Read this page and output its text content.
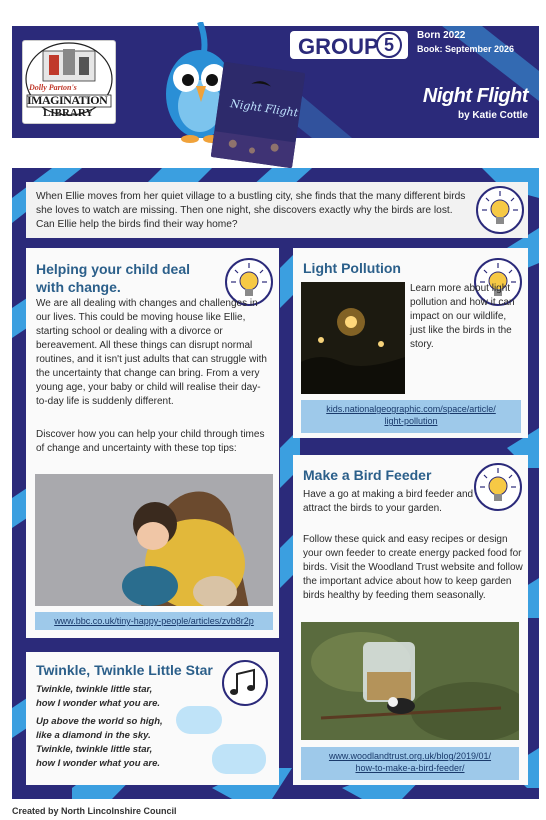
Dolly Parton's
IMAGINATION
LIBRARY	Night Flight
GROUP 5	Born 2022
Book: September 2026
Night Flight
by Katie Cottle
When Ellie moves from her quiet village to a bustling city, she finds that the many different birds she loves to watch are missing. Then one night, she discovers exactly why the birds are lost. Can Ellie help the birds find their way home?
Helping your child deal
with change.
We are all dealing with changes and challenges in our lives. This could be moving house like Ellie, starting school or dealing with a divorce or bereavement. All these things can disrupt normal routines, and it isn't just adults that can struggle with the uncertainty that change can bring. From a very young age, your baby or child will realise their day-to-day life is suddenly different.
Discover how you can help your child through times of change and uncertainty with these top tips:
www.bbc.co.uk/tiny-happy-people/articles/zvb8r2p
Light Pollution
Learn more about light pollution and how it can impact on our wildlife, just like the birds in the story.
kids.nationalgeographic.com/space/article/
light-pollution
Make a Bird Feeder
Have a go at making a bird feeder and attract the birds to your garden.
Follow these quick and easy recipes or design your own feeder to create energy packed food for birds. Visit the Woodland Trust website and follow the important advice about how to keep garden birds healthy by feeding them seasonally.
www.woodlandtrust.org.uk/blog/2019/01/
how-to-make-a-bird-feeder/
Twinkle, Twinkle Little Star
Twinkle, twinkle little star,
how I wonder what you are.
Up above the world so high,
like a diamond in the sky.
Twinkle, twinkle little star,
how I wonder what you are.
Created by North Lincolnshire Council
